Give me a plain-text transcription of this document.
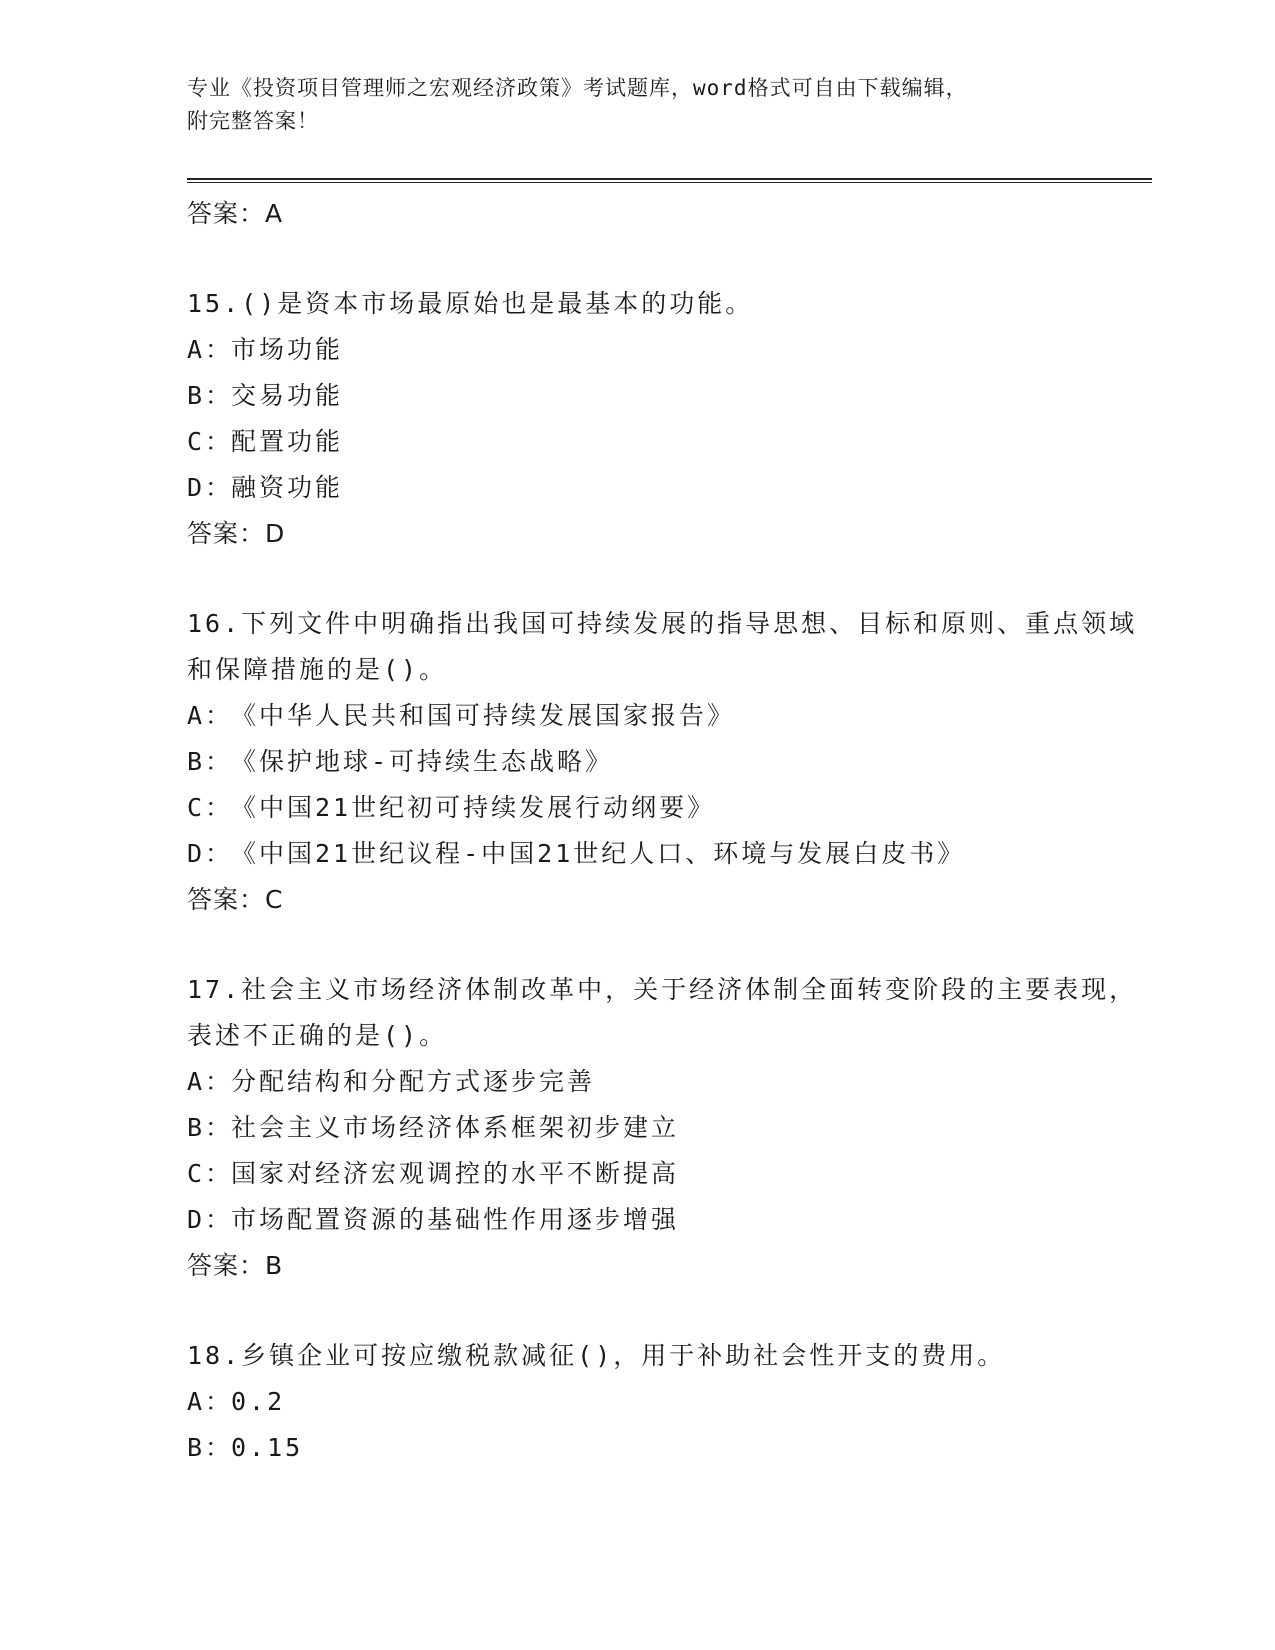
专业《投资项目管理师之宏观经济政策》考试题库，word格式可自由下载编辑，
附完整答案！

答案：A

15.()是资本市场最原始也是最基本的功能。

A：市场功能

B：交易功能

C：配置功能

D：融资功能

答案：D

16.下列文件中明确指出我国可持续发展的指导思想、目标和原则、重点领域和保障措施的是()。

A：《中华人民共和国可持续发展国家报告》

B：《保护地球-可持续生态战略》

C：《中国21世纪初可持续发展行动纲要》

D：《中国21世纪议程-中国21世纪人口、环境与发展白皮书》

答案：C

17.社会主义市场经济体制改革中，关于经济体制全面转变阶段的主要表现，表述不正确的是()。

A：分配结构和分配方式逐步完善

B：社会主义市场经济体系框架初步建立

C：国家对经济宏观调控的水平不断提高

D：市场配置资源的基础性作用逐步增强

答案：B

18.乡镇企业可按应缴税款减征()，用于补助社会性开支的费用。

A：0.2

B：0.15
